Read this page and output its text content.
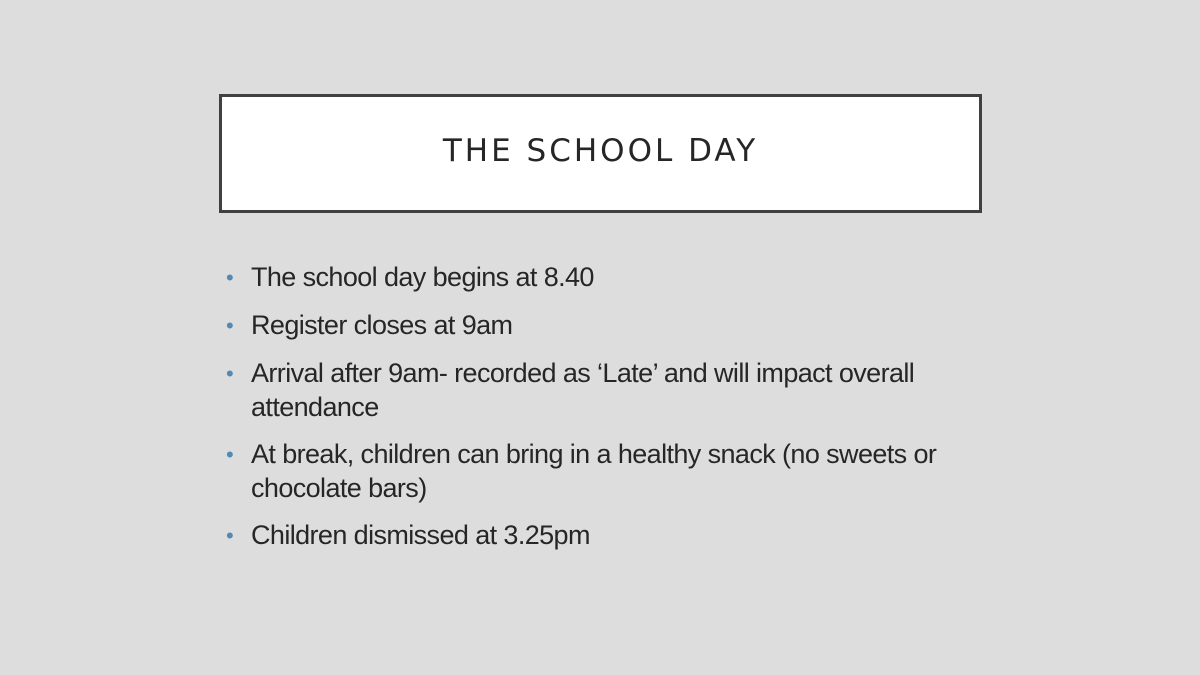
THE SCHOOL DAY
• The school day begins at 8.40
• Register closes at 9am
• Arrival after 9am- recorded as ‘Late’ and will impact overall attendance
• At break, children can bring in a healthy snack (no sweets or chocolate bars)
• Children dismissed at 3.25pm
